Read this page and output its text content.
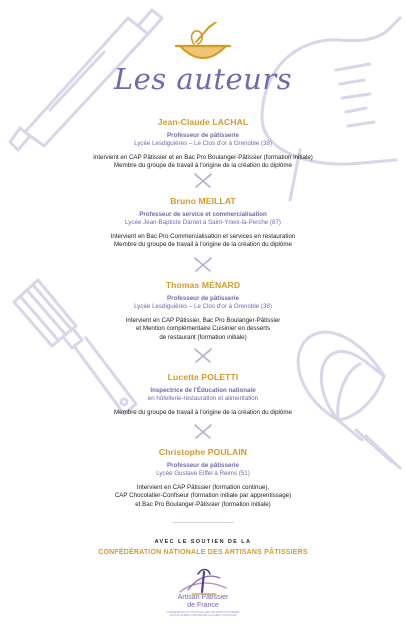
Les auteurs
Jean-Claude LACHAL
Professeur de pâtisserie
Lycée Lesdiguières – Le Clos d'or à Grenoble (38)
Intervient en CAP Pâtissier et en Bac Pro Boulanger-Pâtissier (formation initiale)
Membre du groupe de travail à l'origine de la création du diplôme
Bruno MEILLAT
Professeur de service et commercialisation
Lycée Jean-Baptiste Darnet à Saint-Yrieix-la-Perche (87)
Intervient en Bac Pro Commercialisation et services en restauration
Membre du groupe de travail à l'origine de la création du diplôme
Thomas MÉNARD
Professeur de pâtisserie
Lycée Lesdiguières – Le Clos d'or à Grenoble (38)
Intervient en CAP Pâtissier, Bac Pro Boulanger-Pâtissier
et Mention complémentaire Cuisinier en desserts
de restaurant (formation initiale)
Lucette POLETTI
Inspectrice de l'Éducation nationale
en hôtellerie-restauration et alimentation
Membre du groupe de travail à l'origine de la création du diplôme
Christophe POULAIN
Professeur de pâtisserie
Lycée Gustave Eiffel à Reims (51)
Intervient en CAP Pâtissier (formation continue),
CAP Chocolatier-Confiseur (formation initiale par apprentissage)
et Bac Pro Boulanger-Pâtissier (formation initiale)
AVEC LE SOUTIEN DE LA
CONFÉDÉRATION NATIONALE DES ARTISANS PÂTISSIERS
Artisan Pâtissier
de France
CONFÉDÉRATION NATIONALE DES ARTISANS PÂTISSIERS
CHOCOLATIERS CONFISEURS GLACIERS TRAITEURS
